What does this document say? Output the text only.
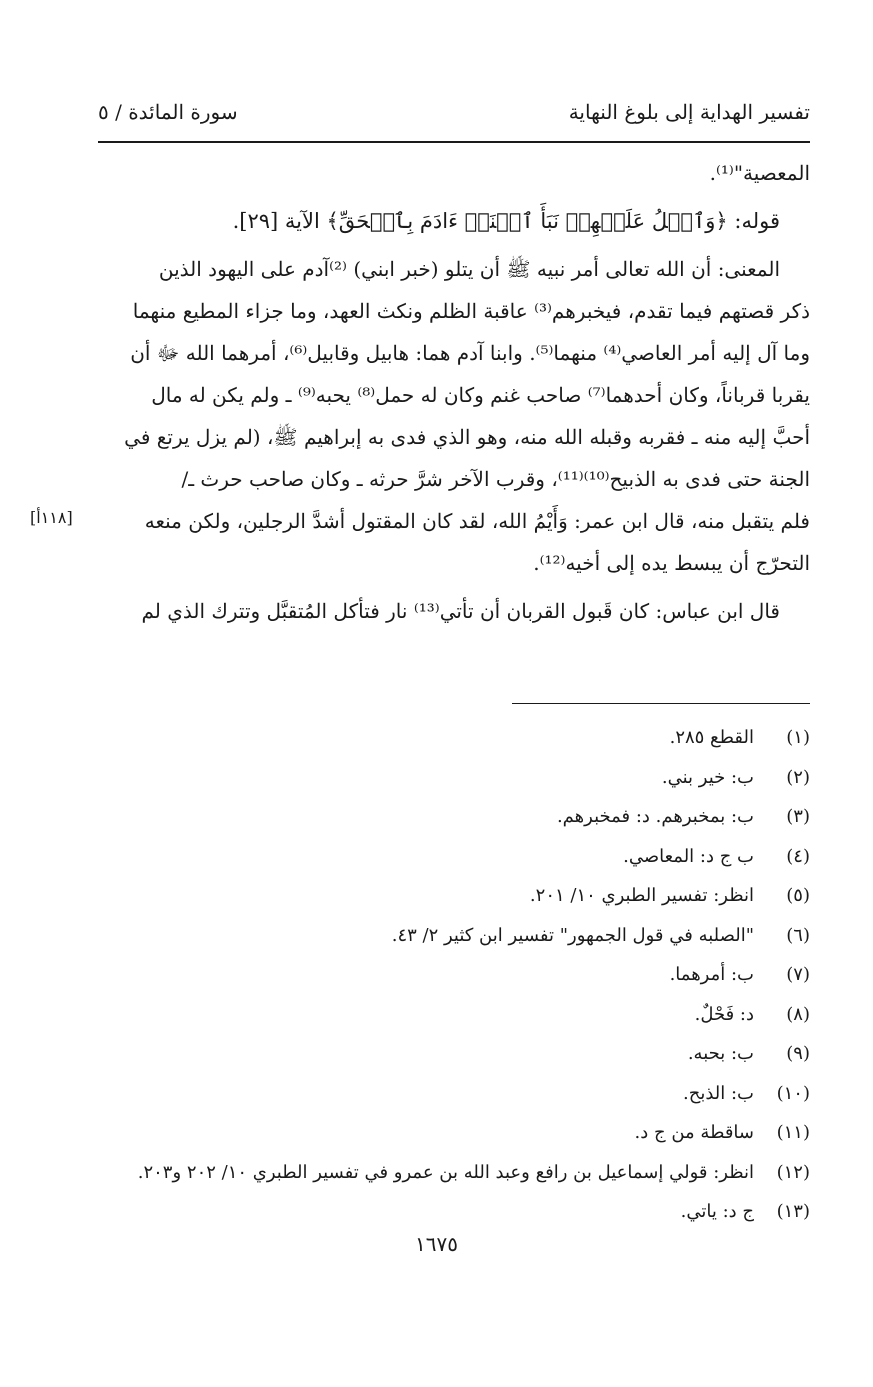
تفسير الهداية إلى بلوغ النهاية
سورة المائدة / ٥
المعصية"⁽¹⁾.
قوله: ﴿وَٱتۡلُ عَلَيۡهِمۡ نَبَأَ ٱبۡنَيۡ ءَادَمَ بِٱلۡحَقِّ﴾ الآية [٢٩].
المعنى: أن الله تعالى أمر نبيه ﷺ أن يتلو (خبر ابني) ⁽²⁾آدم على اليهود الذين
ذكر قصتهم فيما تقدم، فيخبرهم⁽³⁾ عاقبة الظلم ونكث العهد، وما جزاء المطيع منهما
وما آل إليه أمر العاصي⁽⁴⁾ منهما⁽⁵⁾. وابنا آدم هما: هابيل وقابيل⁽⁶⁾، أمرهما الله ﷻ أن
يقربا قرباناً، وكان أحدهما⁽⁷⁾ صاحب غنم وكان له حمل⁽⁸⁾ يحبه⁽⁹⁾ ـ ولم يكن له مال
أحبَّ إليه منه ـ فقربه وقبله الله منه، وهو الذي فدى به إبراهيم ﷺ، (لم يزل يرتع في
الجنة حتى فدى به الذبيح⁽¹⁰⁾⁽¹¹⁾، وقرب الآخر شرَّ حرثه ـ وكان صاحب حرث ـ/
فلم يتقبل منه، قال ابن عمر: وَأَيْمُ الله، لقد كان المقتول أشدَّ الرجلين، ولكن منعه
التحرّج أن يبسط يده إلى أخيه⁽¹²⁾.
قال ابن عباس: كان قَبول القربان أن تأتي⁽¹³⁾ نار فتأكل المُتقبَّل وتترك الذي لم
[١١٨أ]
(١)
القطع ٢٨٥.
(٢)
ب: خير بني.
(٣)
ب: بمخبرهم. د: فمخبرهم.
(٤)
ب ج د: المعاصي.
(٥)
انظر: تفسير الطبري ١٠/ ٢٠١.
(٦)
"الصلبه في قول الجمهور" تفسير ابن كثير ٢/ ٤٣.
(٧)
ب: أمرهما.
(٨)
د: فَحْلٌ.
(٩)
ب: بحبه.
(١٠)
ب: الذبح.
(١١)
ساقطة من ج د.
(١٢)
انظر: قولي إسماعيل بن رافع وعبد الله بن عمرو في تفسير الطبري ١٠/ ٢٠٢ و٢٠٣.
(١٣)
ج د: ياتي.
١٦٧٥
